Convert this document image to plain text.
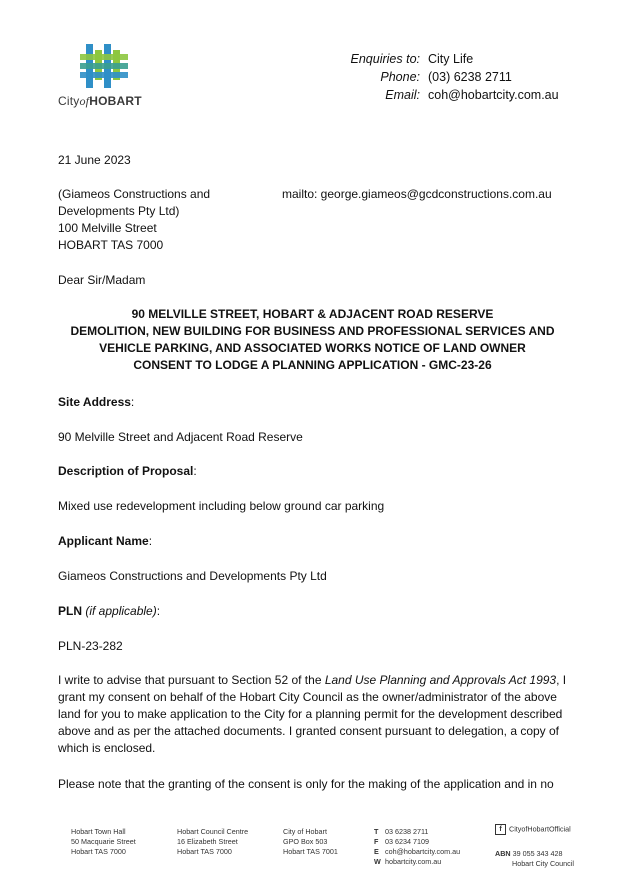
CityofHOBART
Enquiries to:
Phone:
Email:
City Life
(03) 6238 2711
coh@hobartcity.com.au
21 June 2023
(Giameos Constructions and
Developments Pty Ltd)
100 Melville Street
HOBART TAS 7000
mailto: george.giameos@gcdconstructions.com.au
Dear Sir/Madam
90 MELVILLE STREET, HOBART & ADJACENT ROAD RESERVE
DEMOLITION, NEW BUILDING FOR BUSINESS AND PROFESSIONAL SERVICES AND
VEHICLE PARKING, AND ASSOCIATED WORKS NOTICE OF LAND OWNER
CONSENT TO LODGE A PLANNING APPLICATION - GMC-23-26
Site Address:
90 Melville Street and Adjacent Road Reserve
Description of Proposal:
Mixed use redevelopment including below ground car parking
Applicant Name:
Giameos Constructions and Developments Pty Ltd
PLN (if applicable):
PLN-23-282
I write to advise that pursuant to Section 52 of the Land Use Planning and Approvals Act 1993, I grant my consent on behalf of the Hobart City Council as the owner/administrator of the above land for you to make application to the City for a planning permit for the development described above and as per the attached documents. I granted consent pursuant to delegation, a copy of which is enclosed.
Please note that the granting of the consent is only for the making of the application and in no
Hobart Town Hall
50 Macquarie Street
Hobart TAS 7000
Hobart Council Centre
16 Elizabeth Street
Hobart TAS 7000
City of Hobart
GPO Box 503
Hobart TAS 7001
T 03 6238 2711
F 03 6234 7109
E coh@hobartcity.com.au
W hobartcity.com.au
f CityofHobartOfficial
ABN 39 055 343 428
Hobart City Council
